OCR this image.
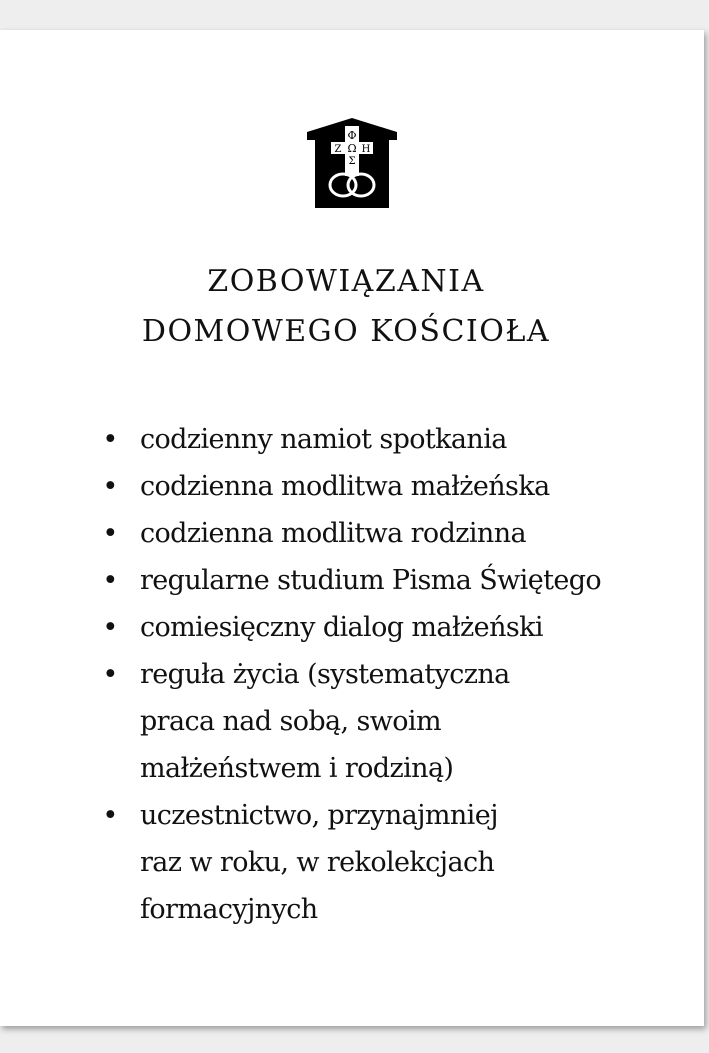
Φ
Ω
Ζ Η
Σ
ZOBOWIĄZANIA
DOMOWEGO KOŚCIOŁA
• codzienny namiot spotkania
• codzienna modlitwa małżeńska
• codzienna modlitwa rodzinna
• regularne studium Pisma Świętego
• comiesięczny dialog małżeński
• reguła życia (systematyczna
praca nad sobą, swoim
małżeństwem i rodziną)
• uczestnictwo, przynajmniej
raz w roku, w rekolekcjach
formacyjnych
